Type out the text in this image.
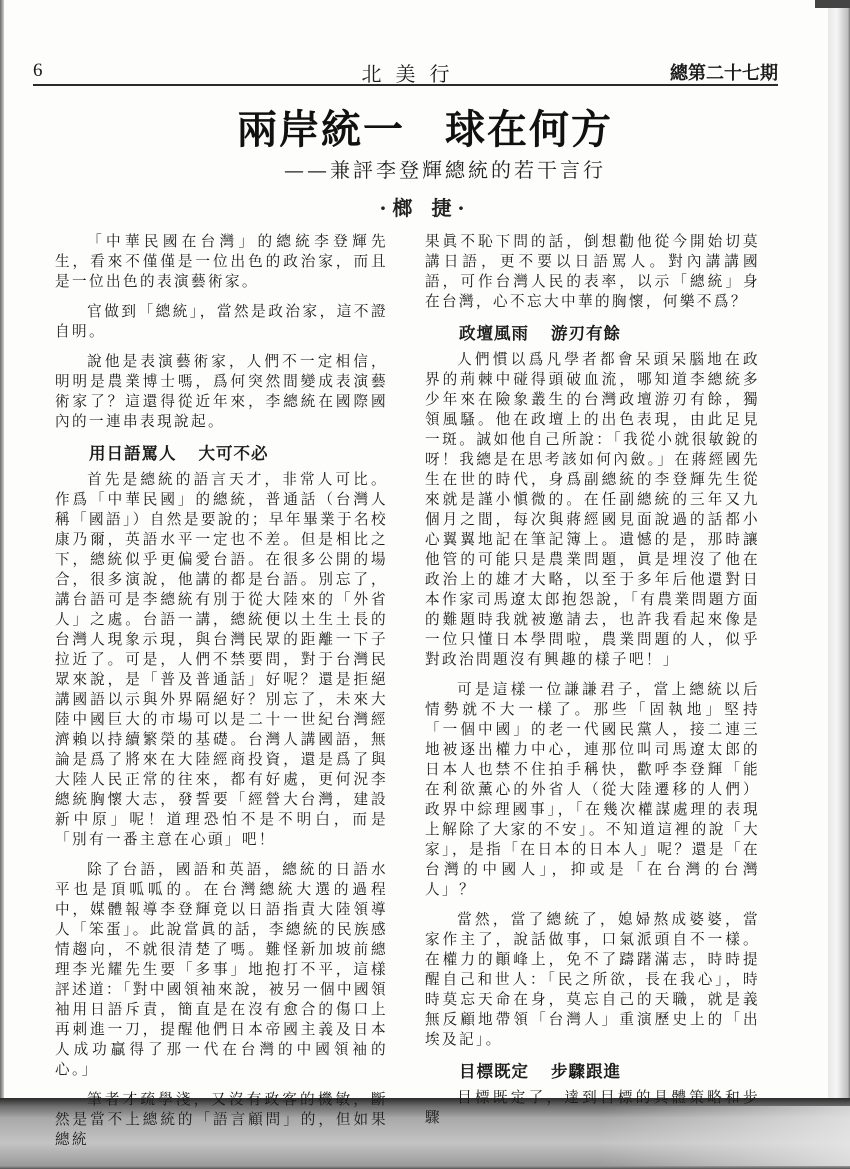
6	北美行	總第二十七期
兩岸統一 球在何方
——兼評李登輝總統的若干言行
·榔 捷·

「中華民國在台灣」的總統李登輝先生，看來不僅僅是一位出色的政治家，而且是一位出色的表演藝術家。

官做到「總統」，當然是政治家，這不證自明。

說他是表演藝術家，人們不一定相信，明明是農業博士嗎，爲何突然間變成表演藝術家了？這還得從近年來，李總統在國際國內的一連串表現說起。

用日語罵人 大可不必

首先是總統的語言天才，非常人可比。作爲「中華民國」的總統，普通話（台灣人稱「國語」）自然是要說的；早年畢業于名校康乃爾，英語水平一定也不差。但是相比之下，總統似乎更偏愛台語。在很多公開的場合，很多演說，他講的都是台語。別忘了，講台語可是李總統有別于從大陸來的「外省人」之處。台語一講，總統便以土生土長的台灣人現象示現，與台灣民眾的距離一下子拉近了。可是，人們不禁要問，對于台灣民眾來說，是「普及普通話」好呢？還是拒絕講國語以示與外界隔絕好？別忘了，未來大陸中國巨大的市場可以是二十一世紀台灣經濟賴以持續繁榮的基礎。台灣人講國語，無論是爲了將來在大陸經商投資，還是爲了與大陸人民正常的往來，都有好處，更何況李總統胸懷大志，發誓要「經營大台灣，建設新中原」呢！道理恐怕不是不明白，而是「別有一番主意在心頭」吧！

除了台語，國語和英語，總統的日語水平也是頂呱呱的。在台灣總統大選的過程中，媒體報導李登輝竟以日語指責大陸領導人「笨蛋」。此說當眞的話，李總統的民族感情趨向，不就很清楚了嗎。難怪新加坡前總理李光耀先生要「多事」地抱打不平，這樣評述道：「對中國領袖來說，被另一個中國領袖用日語斥責，簡直是在沒有愈合的傷口上再刺進一刀，提醒他們日本帝國主義及日本人成功贏得了那一代在台灣的中國領袖的心。」

筆者才疏學淺，又沒有政客的機敏，斷然是當不上總統的「語言顧問」的，但如果總統

果眞不恥下問的話，倒想勸他從今開始切莫講日語，更不要以日語罵人。對內講講國語，可作台灣人民的表率，以示「總統」身在台灣，心不忘大中華的胸懷，何樂不爲？

政壇風雨 游刃有餘

人們慣以爲凡學者都會呆頭呆腦地在政界的荊棘中碰得頭破血流，哪知道李總統多少年來在險象叢生的台灣政壇游刃有餘，獨領風騷。他在政壇上的出色表現，由此足見一斑。誠如他自己所說：「我從小就很敏銳的呀！我總是在思考該如何內斂。」在蔣經國先生在世的時代，身爲副總統的李登輝先生從來就是謹小愼微的。在任副總統的三年又九個月之間，每次與蔣經國見面說過的話都小心翼翼地記在筆記簿上。遺憾的是，那時讓他管的可能只是農業問題，眞是埋沒了他在政治上的雄才大略，以至于多年后他還對日本作家司馬遼太郎抱怨說，「有農業問題方面的難題時我就被邀請去，也許我看起來像是一位只懂日本學問啦，農業問題的人，似乎對政治問題沒有興趣的樣子吧！」

可是這樣一位謙謙君子，當上總統以后情勢就不大一樣了。那些「固執地」堅持「一個中國」的老一代國民黨人，接二連三地被逐出權力中心，連那位叫司馬遼太郎的日本人也禁不住拍手稱快，歡呼李登輝「能在利欲薰心的外省人（從大陸遷移的人們）政界中綜理國事」，「在幾次權謀處理的表現上解除了大家的不安」。不知道這裡的說「大家」，是指「在日本的日本人」呢？還是「在台灣的中國人」，抑或是「在台灣的台灣人」？

當然，當了總統了，媳婦熬成婆婆，當家作主了，說話做事，口氣派頭自不一樣。在權力的顚峰上，免不了躊躇滿志，時時提醒自己和世人：「民之所欲，長在我心」，時時莫忘天命在身，莫忘自己的天職，就是義無反顧地帶領「台灣人」重演歷史上的「出埃及記」。

目標既定 步驟跟進

目標既定了，達到目標的具體策略和步驟
